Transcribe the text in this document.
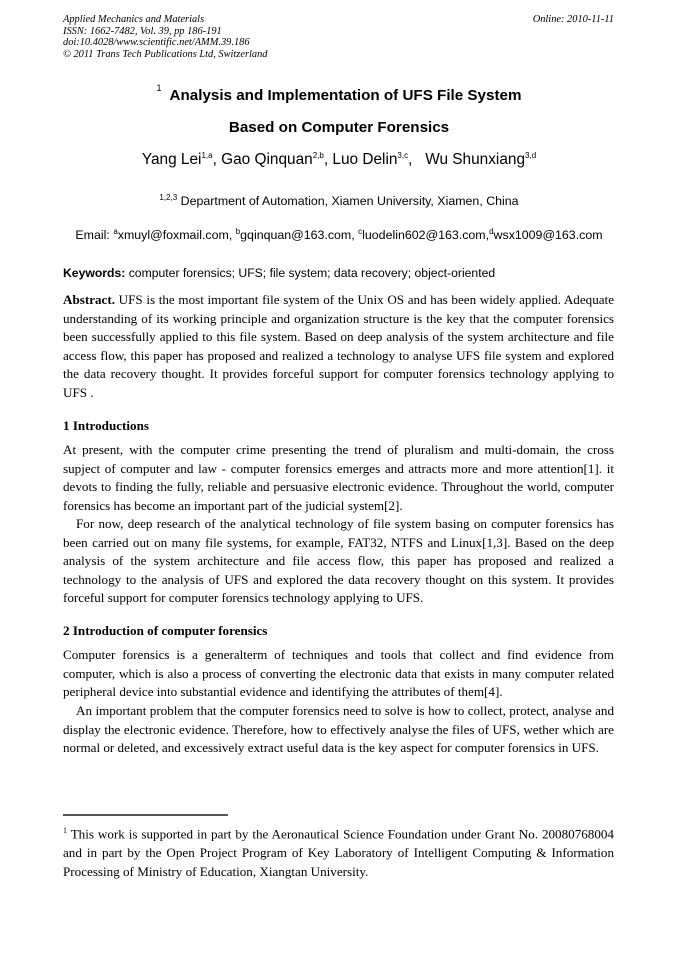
Applied Mechanics and Materials
ISSN: 1662-7482, Vol. 39, pp 186-191
doi:10.4028/www.scientific.net/AMM.39.186
© 2011 Trans Tech Publications Ltd, Switzerland
Online: 2010-11-11
$^1$ Analysis and Implementation of UFS File System
Based on Computer Forensics
Yang Lei$^{1,a}$, Gao Qinquan$^{2,b}$, Luo Delin$^{3,c}$,   Wu Shunxiang$^{3,d}$
$^{1,2,3}$ Department of Automation, Xiamen University, Xiamen, China
Email: $^a$xmuyl@foxmail.com, $^b$gqinquan@163.com, $^c$luodelin602@163.com,$^d$wsx1009@163.com
Keywords: computer forensics; UFS; file system; data recovery; object-oriented
Abstract. UFS is the most important file system of the Unix OS and has been widely applied. Adequate understanding of its working principle and organization structure is the key that the computer forensics been successfully applied to this file system. Based on deep analysis of the system architecture and file access flow, this paper has proposed and realized a technology to analyse UFS file system and explored the data recovery thought. It provides forceful support for computer forensics technology applying to UFS .
1 Introductions
At present, with the computer crime presenting the trend of pluralism and multi-domain, the cross supject of computer and law - computer forensics emerges and attracts more and more attention[1]. it devots to finding the fully, reliable and persuasive electronic evidence. Throughout the world, computer forensics has become an important part of the judicial system[2].
For now, deep research of the analytical technology of file system basing on computer forensics has been carried out on many file systems, for example, FAT32, NTFS and Linux[1,3]. Based on the deep analysis of the system architecture and file access flow, this paper has proposed and realized a technology to the analysis of UFS and explored the data recovery thought on this system. It provides forceful support for computer forensics technology applying to UFS.
2 Introduction of computer forensics
Computer forensics is a generalterm of techniques and tools that collect and find evidence from computer, which is also a process of converting the electronic data that exists in many computer related peripheral device into substantial evidence and identifying the attributes of them[4].
An important problem that the computer forensics need to solve is how to collect, protect, analyse and display the electronic evidence. Therefore, how to effectively analyse the files of UFS, wether which are normal or deleted, and excessively extract useful data is the key aspect for computer forensics in UFS.
$^1$ This work is supported in part by the Aeronautical Science Foundation under Grant No. 20080768004 and in part by the Open Project Program of Key Laboratory of Intelligent Computing & Information Processing of Ministry of Education, Xiangtan University.
